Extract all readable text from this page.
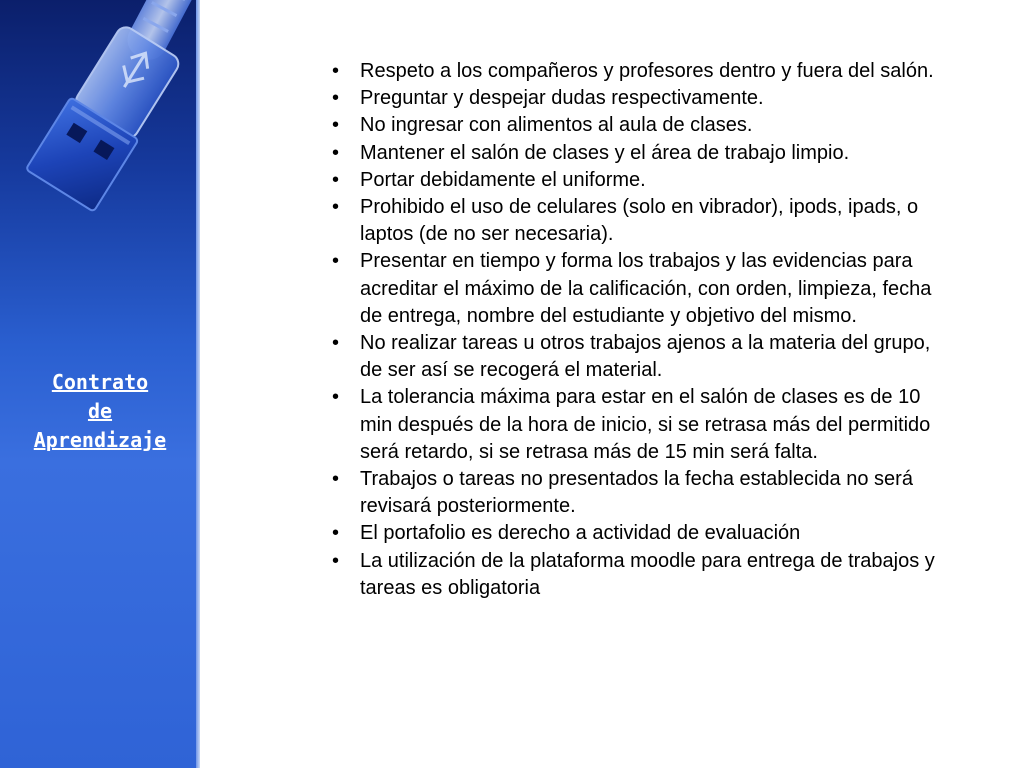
Contrato
de
Aprendizaje
•	Respeto a los compañeros y profesores dentro y fuera del salón.
•	Preguntar y despejar dudas respectivamente.
•	No ingresar con alimentos al aula de clases.
•	Mantener el salón de clases y el área de trabajo limpio.
•	Portar debidamente el uniforme.
•	Prohibido el uso de celulares (solo en vibrador), ipods, ipads, o laptos (de no ser necesaria).
•	Presentar en tiempo y forma los trabajos y las evidencias para acreditar el máximo de la calificación, con orden, limpieza, fecha de entrega, nombre del estudiante y objetivo del mismo.
•	No realizar tareas u otros trabajos ajenos a la materia del grupo, de ser así se recogerá el material.
•	La tolerancia máxima para estar en el salón de clases es de 10 min después de la hora de inicio, si se retrasa más del permitido será retardo, si se retrasa más de 15 min será falta.
•	Trabajos o tareas no presentados la fecha establecida no será revisará posteriormente.
•	El portafolio es derecho a actividad de evaluación
•	La utilización de la plataforma moodle para entrega de trabajos y tareas es obligatoria
